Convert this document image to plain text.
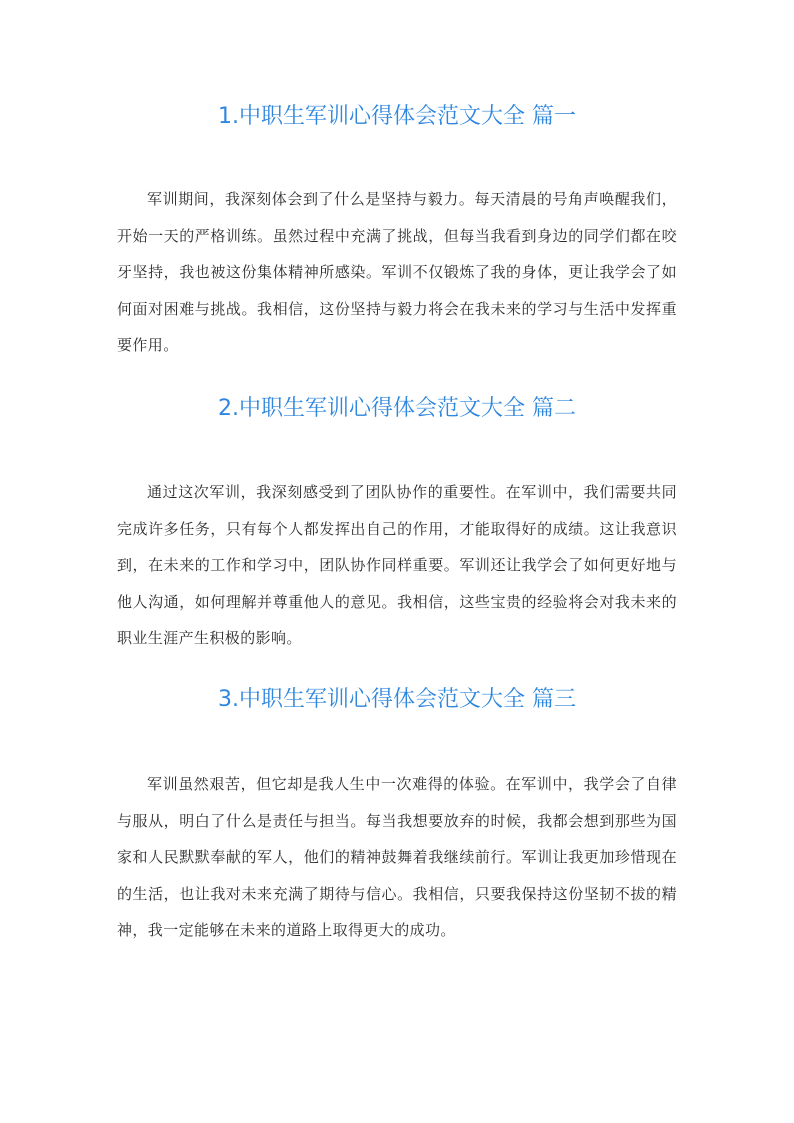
1.中职生军训心得体会范文大全 篇一

军训期间，我深刻体会到了什么是坚持与毅力。每天清晨的号角声唤醒我们，开始一天的严格训练。虽然过程中充满了挑战，但每当我看到身边的同学们都在咬牙坚持，我也被这份集体精神所感染。军训不仅锻炼了我的身体，更让我学会了如何面对困难与挑战。我相信，这份坚持与毅力将会在我未来的学习与生活中发挥重要作用。

2.中职生军训心得体会范文大全 篇二

通过这次军训，我深刻感受到了团队协作的重要性。在军训中，我们需要共同完成许多任务，只有每个人都发挥出自己的作用，才能取得好的成绩。这让我意识到，在未来的工作和学习中，团队协作同样重要。军训还让我学会了如何更好地与他人沟通，如何理解并尊重他人的意见。我相信，这些宝贵的经验将会对我未来的职业生涯产生积极的影响。

3.中职生军训心得体会范文大全 篇三

军训虽然艰苦，但它却是我人生中一次难得的体验。在军训中，我学会了自律与服从，明白了什么是责任与担当。每当我想要放弃的时候，我都会想到那些为国家和人民默默奉献的军人，他们的精神鼓舞着我继续前行。军训让我更加珍惜现在的生活，也让我对未来充满了期待与信心。我相信，只要我保持这份坚韧不拔的精神，我一定能够在未来的道路上取得更大的成功。
